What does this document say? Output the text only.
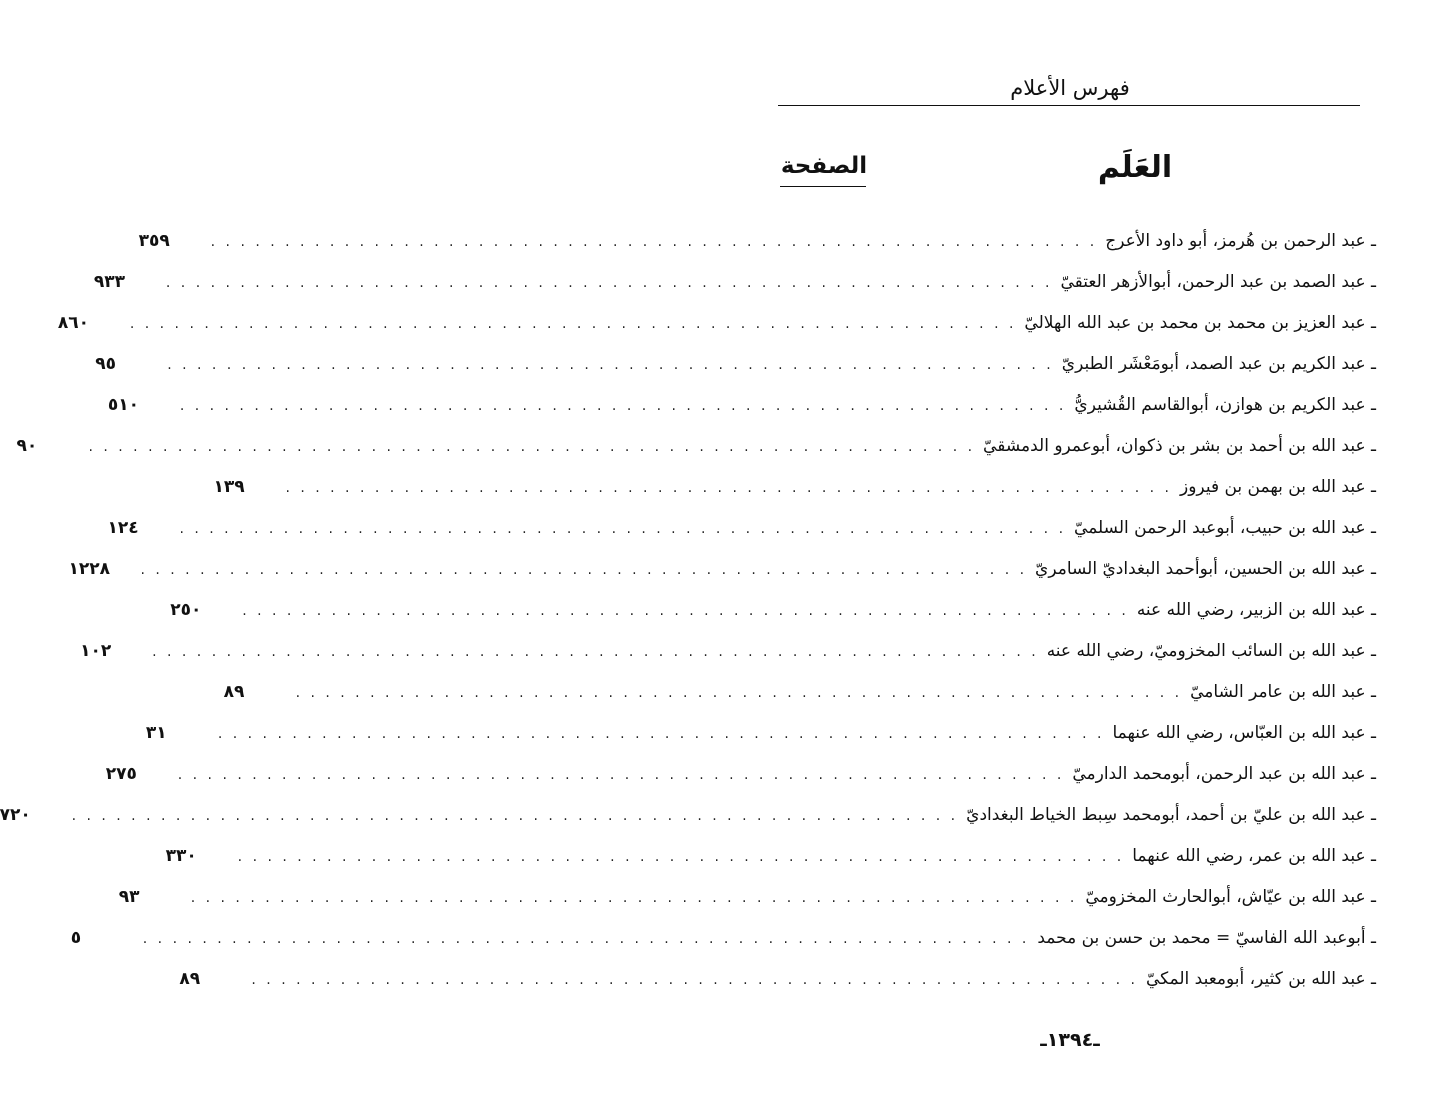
فهرس الأعلام
العَلَم
الصفحة
ـ عبد الرحمن بن هُرمز، أبو داود الأعرج
. . . . . . . . . . . . . . . . . . . . . . . . . . . . . . . . . . . . . . . . . . . . . . . . . . . . . . . . . . . .
٣٥٩
ـ عبد الصمد بن عبد الرحمن، أبوالأزهر العتقيّ
. . . . . . . . . . . . . . . . . . . . . . . . . . . . . . . . . . . . . . . . . . . . . . . . . . . . . . . . . . . .
٩٣٣
ـ عبد العزيز بن محمد بن محمد بن عبد الله الهلاليّ
. . . . . . . . . . . . . . . . . . . . . . . . . . . . . . . . . . . . . . . . . . . . . . . . . . . . . . . . . . . .
٨٦٠
ـ عبد الكريم بن عبد الصمد، أبومَعْشَر الطبريّ
. . . . . . . . . . . . . . . . . . . . . . . . . . . . . . . . . . . . . . . . . . . . . . . . . . . . . . . . . . . .
٩٥
ـ عبد الكريم بن هوازن، أبوالقاسم القُشيريُّ
. . . . . . . . . . . . . . . . . . . . . . . . . . . . . . . . . . . . . . . . . . . . . . . . . . . . . . . . . . . .
٥١٠
ـ عبد الله بن أحمد بن بشر بن ذكوان، أبوعمرو الدمشقيّ
. . . . . . . . . . . . . . . . . . . . . . . . . . . . . . . . . . . . . . . . . . . . . . . . . . . . . . . . . . . .
٩٠
ـ عبد الله بن بهمن بن فيروز
. . . . . . . . . . . . . . . . . . . . . . . . . . . . . . . . . . . . . . . . . . . . . . . . . . . . . . . . . . . .
١٣٩
ـ عبد الله بن حبيب، أبوعبد الرحمن السلميّ
. . . . . . . . . . . . . . . . . . . . . . . . . . . . . . . . . . . . . . . . . . . . . . . . . . . . . . . . . . . .
١٢٤
ـ عبد الله بن الحسين، أبوأحمد البغداديّ السامريّ
. . . . . . . . . . . . . . . . . . . . . . . . . . . . . . . . . . . . . . . . . . . . . . . . . . . . . . . . . . . .
١٢٢٨
ـ عبد الله بن الزبير، رضي الله عنه
. . . . . . . . . . . . . . . . . . . . . . . . . . . . . . . . . . . . . . . . . . . . . . . . . . . . . . . . . . . .
٢٥٠
ـ عبد الله بن السائب المخزوميّ، رضي الله عنه
. . . . . . . . . . . . . . . . . . . . . . . . . . . . . . . . . . . . . . . . . . . . . . . . . . . . . . . . . . . .
١٠٢
ـ عبد الله بن عامر الشاميّ
. . . . . . . . . . . . . . . . . . . . . . . . . . . . . . . . . . . . . . . . . . . . . . . . . . . . . . . . . . . .
٨٩
ـ عبد الله بن العبّاس، رضي الله عنهما
. . . . . . . . . . . . . . . . . . . . . . . . . . . . . . . . . . . . . . . . . . . . . . . . . . . . . . . . . . . .
٣١
ـ عبد الله بن عبد الرحمن، أبومحمد الدارميّ
. . . . . . . . . . . . . . . . . . . . . . . . . . . . . . . . . . . . . . . . . . . . . . . . . . . . . . . . . . . .
٢٧٥
ـ عبد الله بن عليّ بن أحمد، أبومحمد سِبط الخياط البغداديّ
. . . . . . . . . . . . . . . . . . . . . . . . . . . . . . . . . . . . . . . . . . . . . . . . . . . . . . . . . . . .
٧٢٠
ـ عبد الله بن عمر، رضي الله عنهما
. . . . . . . . . . . . . . . . . . . . . . . . . . . . . . . . . . . . . . . . . . . . . . . . . . . . . . . . . . . .
٣٣٠
ـ عبد الله بن عيّاش، أبوالحارث المخزوميّ
. . . . . . . . . . . . . . . . . . . . . . . . . . . . . . . . . . . . . . . . . . . . . . . . . . . . . . . . . . . .
٩٣
ـ أبوعبد الله الفاسيّ = محمد بن حسن بن محمد
. . . . . . . . . . . . . . . . . . . . . . . . . . . . . . . . . . . . . . . . . . . . . . . . . . . . . . . . . . . .
٥
ـ عبد الله بن كثير، أبومعبد المكيّ
. . . . . . . . . . . . . . . . . . . . . . . . . . . . . . . . . . . . . . . . . . . . . . . . . . . . . . . . . . . .
٨٩
ـ١٣٩٤ـ
